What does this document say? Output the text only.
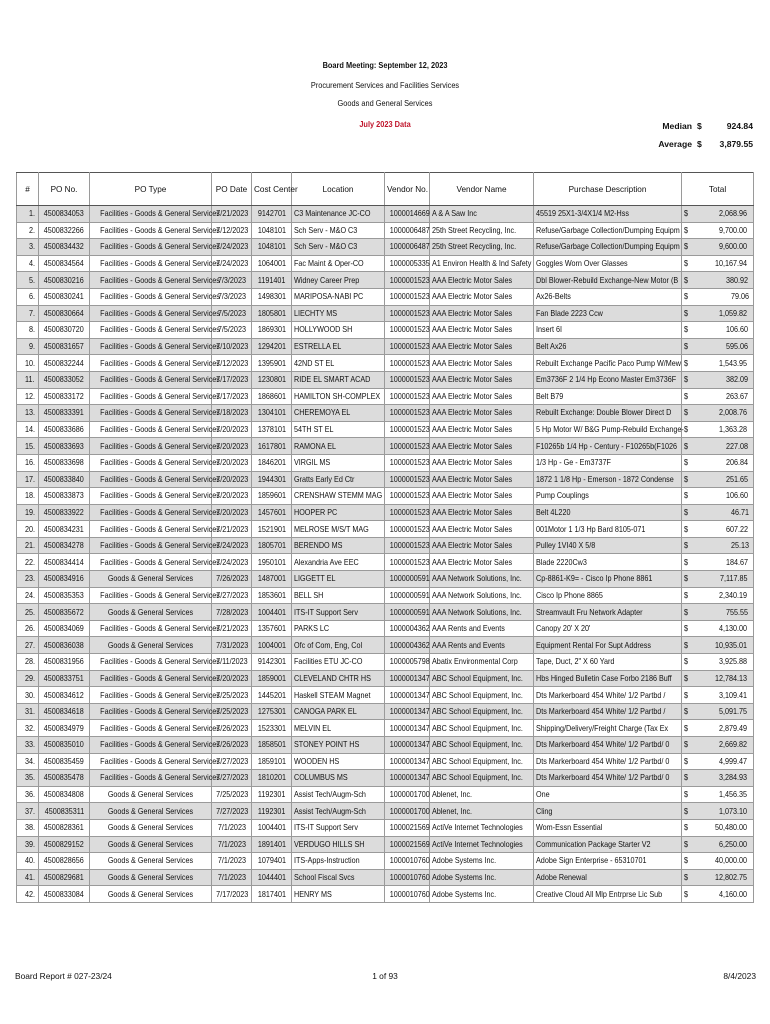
Board Meeting: September 12, 2023
Procurement Services and Facilities Services
Goods and General Services
July 2023 Data	Median $	924.84
Average $ 3,879.55
#	PO No.	PO Type	PO Date	Cost Center	Location	Vendor No.	Vendor Name	Purchase Description	Total	
1.	4500834053	Facilities - Goods & General Services	7/21/2023	9142701	C3 Maintenance JC-CO	1000014669	A & A Saw Inc	45519 25X1-3/4X1/4 M2-Hss	$	2,068.96
2.	4500832266	Facilities - Goods & General Services	7/12/2023	1048101	Sch Serv - M&O C3	1000006487	25th Street Recycling, Inc.	Refuse/Garbage Collection/Dumping Equipm	$	9,700.00
3.	4500834432	Facilities - Goods & General Services	7/24/2023	1048101	Sch Serv - M&O C3	1000006487	25th Street Recycling, Inc.	Refuse/Garbage Collection/Dumping Equipm	$	9,600.00
4.	4500834564	Facilities - Goods & General Services	7/24/2023	1064001	Fac Maint & Oper-CO	1000005335	A1 Environ Health & Ind Safety	Goggles Worn Over Glasses	$	10,167.94
5.	4500830216	Facilities - Goods & General Services	7/3/2023	1191401	Widney Career Prep	1000001523	AAA Electric Motor Sales	Dbl Blower-Rebuild Exchange-New Motor (B	$	380.92
6.	4500830241	Facilities - Goods & General Services	7/3/2023	1498301	MARIPOSA-NABI PC	1000001523	AAA Electric Motor Sales	Ax26-Belts	$	79.06
7.	4500830664	Facilities - Goods & General Services	7/5/2023	1805801	LIECHTY MS	1000001523	AAA Electric Motor Sales	Fan Blade 2223 Ccw	$	1,059.82
8.	4500830720	Facilities - Goods & General Services	7/5/2023	1869301	HOLLYWOOD SH	1000001523	AAA Electric Motor Sales	Insert 6I	$	106.60
9.	4500831657	Facilities - Goods & General Services	7/10/2023	1294201	ESTRELLA EL	1000001523	AAA Electric Motor Sales	Belt Ax26	$	595.06
10.	4500832244	Facilities - Goods & General Services	7/12/2023	1395901	42ND ST EL	1000001523	AAA Electric Motor Sales	Rebuilt Exchange Pacific Paco Pump W/Mew	$	1,543.95
11.	4500833052	Facilities - Goods & General Services	7/17/2023	1230801	RIDE EL SMART ACAD	1000001523	AAA Electric Motor Sales	Em3736F 2 1/4 Hp Econo Master Em3736F	$	382.09
12.	4500833172	Facilities - Goods & General Services	7/17/2023	1868601	HAMILTON SH-COMPLEX	1000001523	AAA Electric Motor Sales	Belt B79	$	263.67
13.	4500833391	Facilities - Goods & General Services	7/18/2023	1304101	CHEREMOYA EL	1000001523	AAA Electric Motor Sales	Rebuilt Exchange: Double Blower Direct D	$	2,008.76
14.	4500833686	Facilities - Goods & General Services	7/20/2023	1378101	54TH ST EL	1000001523	AAA Electric Motor Sales	5 Hp Motor W/ B&G Pump-Rebuild Exchange-	$	1,363.28
15.	4500833693	Facilities - Goods & General Services	7/20/2023	1617801	RAMONA EL	1000001523	AAA Electric Motor Sales	F10265b 1/4 Hp - Century - F10265b(F1026	$	227.08
16.	4500833698	Facilities - Goods & General Services	7/20/2023	1846201	VIRGIL MS	1000001523	AAA Electric Motor Sales	1/3 Hp - Ge - Em3737F	$	206.84
17.	4500833840	Facilities - Goods & General Services	7/20/2023	1944301	Gratts Early Ed Ctr	1000001523	AAA Electric Motor Sales	1872 1 1/8 Hp - Emerson - 1872 Condense	$	251.65
18.	4500833873	Facilities - Goods & General Services	7/20/2023	1859601	CRENSHAW STEMM MAG	1000001523	AAA Electric Motor Sales	Pump Couplings	$	106.60
19.	4500833922	Facilities - Goods & General Services	7/20/2023	1457601	HOOPER PC	1000001523	AAA Electric Motor Sales	Belt 4L220	$	46.71
20.	4500834231	Facilities - Goods & General Services	7/21/2023	1521901	MELROSE M/S/T MAG	1000001523	AAA Electric Motor Sales	001Motor 1 1/3 Hp Bard 8105-071	$	607.22
21.	4500834278	Facilities - Goods & General Services	7/24/2023	1805701	BERENDO MS	1000001523	AAA Electric Motor Sales	Pulley 1VI40 X 5/8	$	25.13
22.	4500834414	Facilities - Goods & General Services	7/24/2023	1950101	Alexandria Ave EEC	1000001523	AAA Electric Motor Sales	Blade 2220Cw3	$	184.67
23.	4500834916	Goods & General Services	7/26/2023	1487001	LIGGETT EL	1000000591	AAA Network Solutions, Inc.	Cp-8861-K9= - Cisco Ip Phone 8861	$	7,117.85
24.	4500835353	Facilities - Goods & General Services	7/27/2023	1853601	BELL SH	1000000591	AAA Network Solutions, Inc.	Cisco Ip Phone 8865	$	2,340.19
25.	4500835672	Goods & General Services	7/28/2023	1004401	ITS-IT Support Serv	1000000591	AAA Network Solutions, Inc.	Streamvault Fru Network Adapter	$	755.55
26.	4500834069	Facilities - Goods & General Services	7/21/2023	1357601	PARKS LC	1000004362	AAA Rents and Events	Canopy 20' X 20'	$	4,130.00
27.	4500836038	Goods & General Services	7/31/2023	1004001	Ofc of Com, Eng, Col	1000004362	AAA Rents and Events	Equipment Rental For Supt Address	$	10,935.01
28.	4500831956	Facilities - Goods & General Services	7/11/2023	9142301	Facilities ETU JC-CO	1000005798	Abatix Environmental Corp	Tape, Duct, 2" X 60 Yard	$	3,925.88
29.	4500833751	Facilities - Goods & General Services	7/20/2023	1859001	CLEVELAND CHTR HS	1000001347	ABC School Equipment, Inc.	Hbs Hinged Bulletin Case Forbo 2186 Buff	$	12,784.13
30.	4500834612	Facilities - Goods & General Services	7/25/2023	1445201	Haskell STEAM Magnet	1000001347	ABC School Equipment, Inc.	Dts Markerboard 454 White/ 1/2 Partbd /	$	3,109.41
31.	4500834618	Facilities - Goods & General Services	7/25/2023	1275301	CANOGA PARK EL	1000001347	ABC School Equipment, Inc.	Dts Markerboard 454 White/ 1/2 Partbd /	$	5,091.75
32.	4500834979	Facilities - Goods & General Services	7/26/2023	1523301	MELVIN EL	1000001347	ABC School Equipment, Inc.	Shipping/Delivery/Freight Charge (Tax Ex	$	2,879.49
33.	4500835010	Facilities - Goods & General Services	7/26/2023	1858501	STONEY POINT HS	1000001347	ABC School Equipment, Inc.	Dts Markerboard 454 White/ 1/2 Partbd/ 0	$	2,669.82
34.	4500835459	Facilities - Goods & General Services	7/27/2023	1859101	WOODEN HS	1000001347	ABC School Equipment, Inc.	Dts Markerboard 454 White/ 1/2 Partbd/ 0	$	4,999.47
35.	4500835478	Facilities - Goods & General Services	7/27/2023	1810201	COLUMBUS MS	1000001347	ABC School Equipment, Inc.	Dts Markerboard 454 White/ 1/2 Partbd/ 0	$	3,284.93
36.	4500834808	Goods & General Services	7/25/2023	1192301	Assist Tech/Augm-Sch	1000001700	Ablenet, Inc.	One	$	1,456.35
37.	4500835311	Goods & General Services	7/27/2023	1192301	Assist Tech/Augm-Sch	1000001700	Ablenet, Inc.	Cling	$	1,073.10
38.	4500828361	Goods & General Services	7/1/2023	1004401	ITS-IT Support Serv	1000021569	ActiVe Internet Technologies	Wom-Essn Essential	$	50,480.00
39.	4500829152	Goods & General Services	7/1/2023	1891401	VERDUGO HILLS SH	1000021569	ActiVe Internet Technologies	Communication Package Starter V2	$	6,250.00
40.	4500828656	Goods & General Services	7/1/2023	1079401	ITS-Apps-Instruction	1000010760	Adobe Systems Inc.	Adobe Sign Enterprise - 65310701	$	40,000.00
41.	4500829681	Goods & General Services	7/1/2023	1044401	School Fiscal Svcs	1000010760	Adobe Systems Inc.	Adobe Renewal	$	12,802.75
42.	4500833084	Goods & General Services	7/17/2023	1817401	HENRY MS	1000010760	Adobe Systems Inc.	Creative Cloud All Mlp Entrprse Lic Sub	$	4,160.00
Board Report # 027-23/24	1 of 93	8/4/2023
